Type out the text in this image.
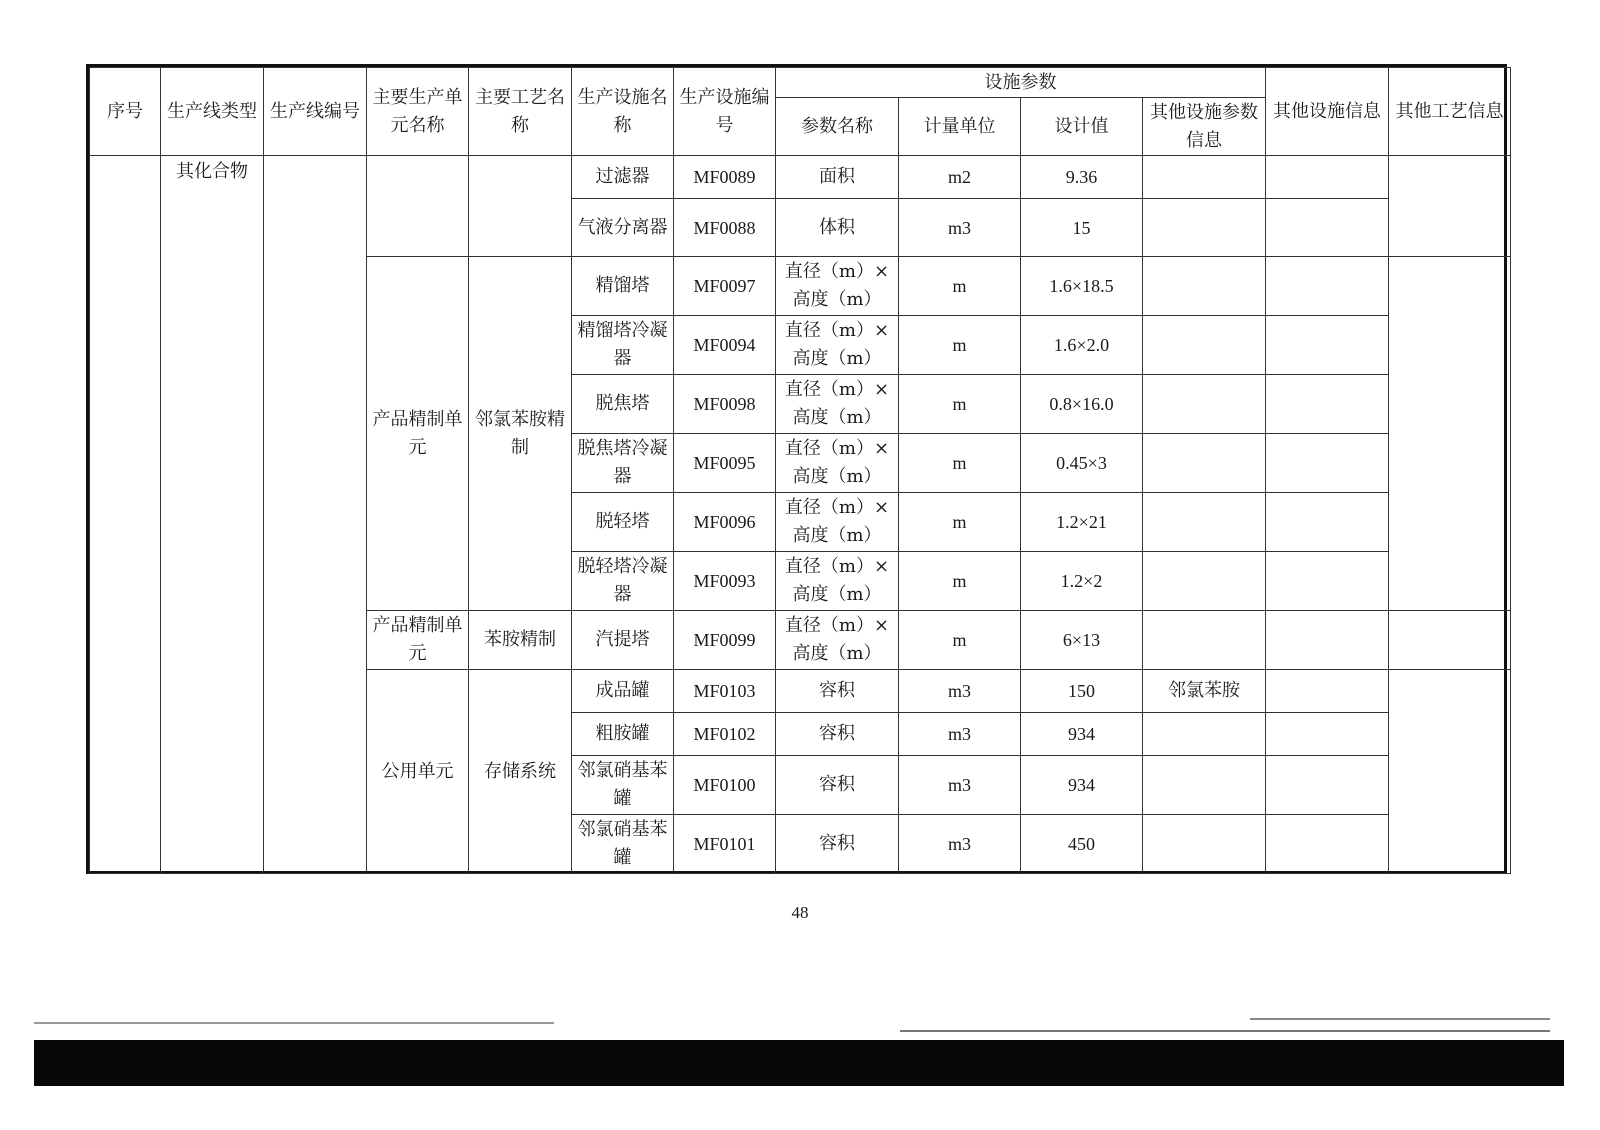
序号	生产线类型	生产线编号	主要生产单元名称	主要工艺名称	生产设施名称	生产设施编号	设施参数				其他设施信息	其他工艺信息
							参数名称	计量单位	设计值	其他设施参数信息		
	其化合物				过滤器	MF0089	面积	m2	9.36			
					气液分离器	MF0088	体积	m3	15			
			产品精制单元	邻氯苯胺精制	精馏塔	MF0097	直径（m）×高度（m）	m	1.6×18.5			
					精馏塔冷凝器	MF0094	直径（m）×高度（m）	m	1.6×2.0			
					脱焦塔	MF0098	直径（m）×高度（m）	m	0.8×16.0			
					脱焦塔冷凝器	MF0095	直径（m）×高度（m）	m	0.45×3			
					脱轻塔	MF0096	直径（m）×高度（m）	m	1.2×21			
					脱轻塔冷凝器	MF0093	直径（m）×高度（m）	m	1.2×2			
			产品精制单元	苯胺精制	汽提塔	MF0099	直径（m）×高度（m）	m	6×13			
			公用单元	存储系统	成品罐	MF0103	容积	m3	150	邻氯苯胺		
					粗胺罐	MF0102	容积	m3	934			
					邻氯硝基苯罐	MF0100	容积	m3	934			
					邻氯硝基苯罐	MF0101	容积	m3	450			
48
